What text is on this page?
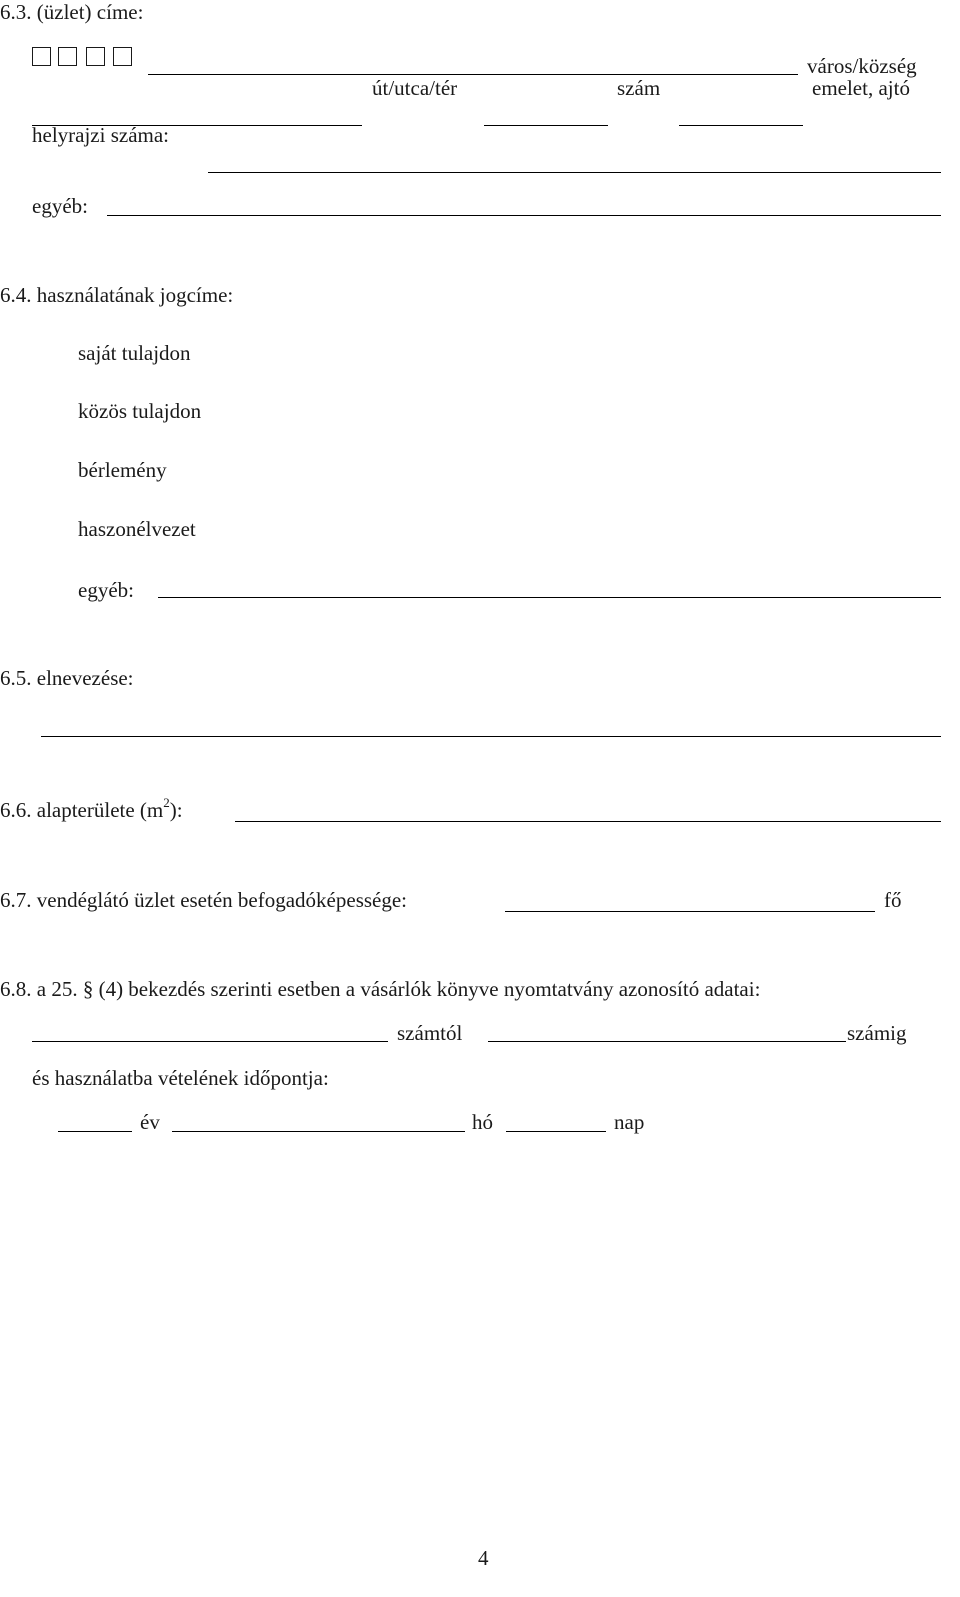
6.3. (üzlet) címe:
város/község
út/utca/tér	szám	emelet, ajtó
helyrajzi száma:
egyéb:
6.4. használatának jogcíme:
saját tulajdon
közös tulajdon
bérlemény
haszonélvezet
egyéb:
6.5. elnevezése:
6.6. alapterülete $(m^2)$:
6.7. vendéglátó üzlet esetén befogadóképessége:	fő
6.8. a 25. § (4) bekezdés szerinti esetben a vásárlók könyve nyomtatvány azonosító adatai:
számtól	számig
és használatba vételének időpontja:
év	hó	nap
4
